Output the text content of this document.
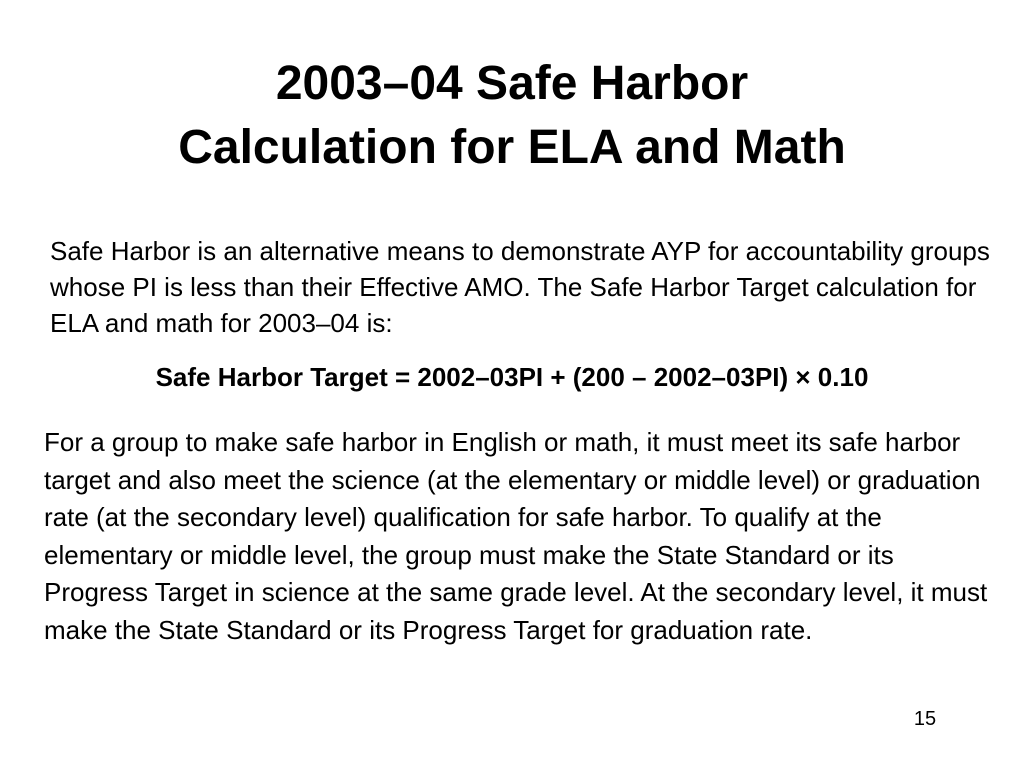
2003–04 Safe Harbor
Calculation for ELA and Math

Safe Harbor is an alternative means to demonstrate AYP for accountability groups whose PI is less than their Effective AMO. The Safe Harbor Target calculation for ELA and math for 2003–04 is:

Safe Harbor Target = 2002–03PI + (200 – 2002–03PI) × 0.10

For a group to make safe harbor in English or math, it must meet its safe harbor target and also meet the science (at the elementary or middle level) or graduation rate (at the secondary level) qualification for safe harbor. To qualify at the elementary or middle level, the group must make the State Standard or its Progress Target in science at the same grade level. At the secondary level, it must make the State Standard or its Progress Target for graduation rate.

15
